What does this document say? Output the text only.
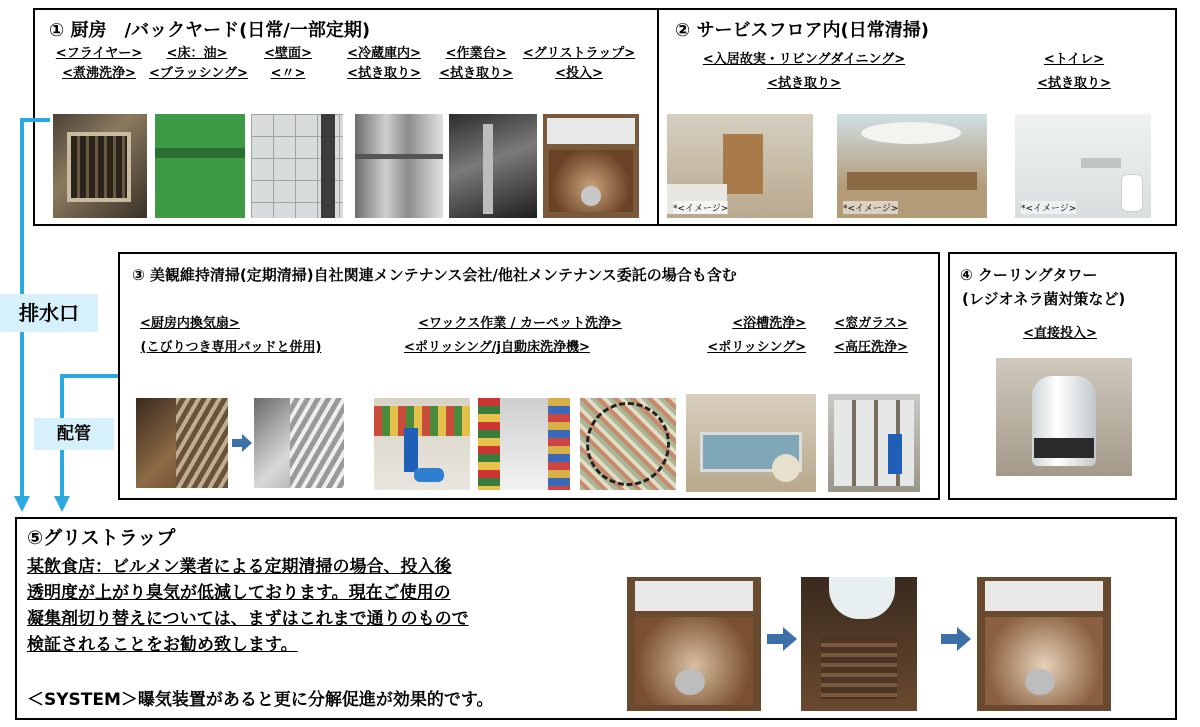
① 厨房　/バックヤード(日常/一部定期)
<フライヤー>
<煮沸洗浄>
<床：油>
<ブラッシング>
<壁面>
<〃>
<冷蔵庫内>
<拭き取り>
<作業台>
<拭き取り>
<グリストラップ>
<投入>
② サービスフロア内(日常清掃)
<入居故実・リビングダイニング>
<拭き取り>
<トイレ>
<拭き取り>
*<イメージ>	*<イメージ>	*<イメージ>
③ 美観維持清掃(定期清掃)自社関連メンテナンス会社/他社メンテナンス委託の場合も含む
<厨房内換気扇>
(こびりつき専用パッドと併用)
<ワックス作業 / カーペット洗浄>
<ポリッシング/j自動床洗浄機>
<浴槽洗浄>
<ポリッシング>
<窓ガラス>
<高圧洗浄>
④ クーリングタワー
(レジオネラ菌対策など)
<直接投入>
⑤グリストラップ
某飲食店：ビルメン業者による定期清掃の場合、投入後
透明度が上がり臭気が低減しております。現在ご使用の
凝集剤切り替えについては、まずはこれまで通りのもので
検証されることをお勧め致します。
＜SYSTEM＞曝気装置があると更に分解促進が効果的です。
排水口
配管
